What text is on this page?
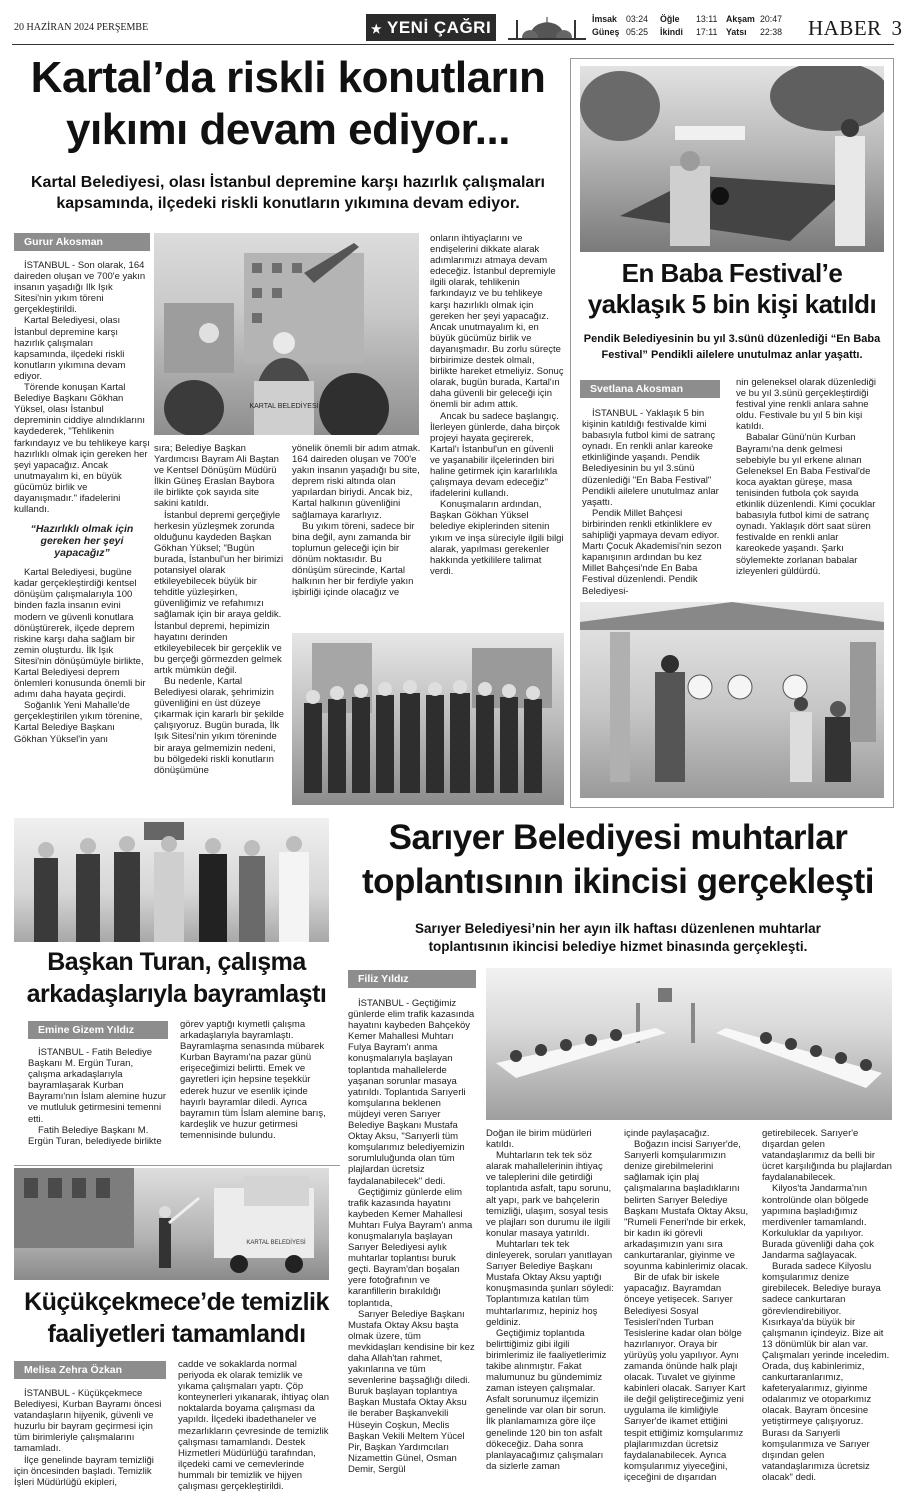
20 HAZİRAN 2024 PERŞEMBE	★ YENİ ÇAĞRI	İmsak	03:24
Güneş 05:25
Öğle 13:11
İkindi 17:11
Akşam 20:47
Yatsı 22:38 HABER 3
Kartal’da riskli konutların
yıkımı devam ediyor...
Kartal Belediyesi, olası İstanbul depremine karşı hazırlık çalışmaları
kapsamında, ilçedeki riskli konutların yıkımına devam ediyor.
Gurur Akosman

İSTANBUL - Son olarak, 164 daireden oluşan ve 700'e yakın insanın yaşadığı Ilk Işık Sitesi'nin yıkım töreni gerçekleştirildi.

Kartal Belediyesi, olası İstanbul depremine karşı hazırlık çalışmaları kapsamında, ilçedeki riskli konutların yıkımına devam ediyor.

Törende konuşan Kartal Belediye Başkanı Gökhan Yüksel, olası İstanbul depreminin ciddiye alındıklarını kaydederek, "Tehlikenin farkındayız ve bu tehlikeye karşı hazırlıklı olmak için gereken her şeyi yapacağız. Ancak unutmayalım ki, en büyük gücümüz birlik ve dayanışmadır." ifadelerini kullandı.

“Hazırlıklı olmak için gereken her şeyi yapacağız”

Kartal Belediyesi, bugüne kadar gerçekleştirdiği kentsel dönüşüm çalışmalarıyla 100 binden fazla insanın evini modern ve güvenli konutlara dönüştürerek, ilçede deprem riskine karşı daha sağlam bir zemin oluşturdu. İlk Işık Sitesi'nin dönüşümüyle birlikte, Kartal Belediyesi deprem önlemleri konusunda önemli bir adımı daha hayata geçirdi.

Soğanlık Yeni Mahalle'de gerçekleştirilen yıkım törenine, Kartal Belediye Başkanı Gökhan Yüksel'in yanı

KARTAL BELEDİYESİ

sıra; Belediye Başkan Yardımcısı Bayram Ali Baştan ve Kentsel Dönüşüm Müdürü İlkin Güneş Eraslan Baybora ile birlikte çok sayıda site sakini katıldı.

İstanbul depremi gerçeğiyle herkesin yüzleşmek zorunda olduğunu kaydeden Başkan Gökhan Yüksel; "Bugün burada, İstanbul'un her birimizi potansiyel olarak etkileyebilecek büyük bir tehditle yüzleşirken, güvenliğimiz ve refahımızı sağlamak için bir araya geldik. İstanbul depremi, hepimizin hayatını derinden etkileyebilecek bir gerçeklik ve bu gerçeği görmezden gelmek artık mümkün değil.

Bu nedenle, Kartal Belediyesi olarak, şehrimizin güvenliğini en üst düzeye çıkarmak için kararlı bir şekilde çalışıyoruz. Bugün burada, İlk Işık Sitesi'nin yıkım töreninde bir araya gelmemizin nedeni, bu bölgedeki riskli konutların dönüşümüne

yönelik önemli bir adım atmak. 164 daireden oluşan ve 700'e yakın insanın yaşadığı bu site, deprem riski altında olan yapılardan biriydi. Ancak biz, Kartal halkının güvenliğini sağlamaya kararlıyız.

Bu yıkım töreni, sadece bir bina değil, aynı zamanda bir toplumun geleceği için bir dönüm noktasıdır. Bu dönüşüm sürecinde, Kartal halkının her bir ferdiyle yakın işbirliği içinde olacağız ve

onların ihtiyaçlarını ve endişelerini dikkate alarak adımlarımızı atmaya devam edeceğiz. İstanbul depremiyle ilgili olarak, tehlikenin farkındayız ve bu tehlikeye karşı hazırlıklı olmak için gereken her şeyi yapacağız. Ancak unutmayalım ki, en büyük gücümüz birlik ve dayanışmadır. Bu zorlu süreçte birbirimize destek olmalı, birlikte hareket etmeliyiz. Sonuç olarak, bugün burada, Kartal'ın daha güvenli bir geleceği için önemli bir adım attık.

Ancak bu sadece başlangıç. İlerleyen günlerde, daha birçok projeyi hayata geçirerek, Kartal'ı İstanbul'un en güvenli ve yaşanabilir ilçelerinden biri haline getirmek için kararlılıkla çalışmaya devam edeceğiz" ifadelerini kullandı.

Konuşmaların ardından, Başkan Gökhan Yüksel belediye ekiplerinden sitenin yıkım ve inşa süreciyle ilgili bilgi alarak, yapılması gerekenler hakkında yetkililere talimat verdi.

En Baba Festival’e
yaklaşık 5 bin kişi katıldı
Pendik Belediyesinin bu yıl 3.sünü düzenlediği “En Baba
Festival” Pendikli ailelere unutulmaz anlar yaşattı.
Svetlana Akosman

İSTANBUL - Yaklaşık 5 bin kişinin katıldığı festivalde kimi babasıyla futbol kimi de satranç oynadı. En renkli anlar kareoke etkinliğinde yaşandı. Pendik Belediyesinin bu yıl 3.sünü düzenlediği "En Baba Festival" Pendikli ailelere unutulmaz anlar yaşattı.

Pendik Millet Bahçesi birbirinden renkli etkinliklere ev sahipliği yapmaya devam ediyor. Martı Çocuk Akademisi'nin sezon kapanışının ardından bu kez Millet Bahçesi'nde En Baba Festival düzenlendi. Pendik Belediyesi-

nin geleneksel olarak düzenlediği ve bu yıl 3.sünü gerçekleştirdiği festival yine renkli anlara sahne oldu. Festivale bu yıl 5 bin kişi katıldı.

Babalar Günü'nün Kurban Bayramı'na denk gelmesi sebebiyle bu yıl erkene alınan Geleneksel En Baba Festival'de koca ayaktan güreşe, masa tenisinden futbola çok sayıda etkinlik düzenlendi. Kimi çocuklar babasıyla futbol kimi de satranç oynadı. Yaklaşık dört saat süren festivalde en renkli anlar kareokede yaşandı. Şarkı söylemekte zorlanan babalar izleyenleri güldürdü.

Başkan Turan, çalışma
arkadaşlarıyla bayramlaştı
Emine Gizem Yıldız

İSTANBUL - Fatih Belediye Başkanı M. Ergün Turan, çalışma arkadaşlarıyla bayramlaşarak Kurban Bayramı'nın İslam alemine huzur ve mutluluk getirmesini temenni etti.

Fatih Belediye Başkanı M. Ergün Turan, belediyede birlikte

görev yaptığı kıymetli çalışma arkadaşlarıyla bayramlaştı. Bayramlaşma senasında mübarek Kurban Bayramı'na pazar günü erişeceğimizi belirtti. Emek ve gayretleri için hepsine teşekkür ederek huzur ve esenlik içinde hayırlı bayramlar diledi. Ayrıca bayramın tüm İslam alemine barış, kardeşlik ve huzur getirmesi temennisinde bulundu.

KARTAL BELEDİYESİ
Küçükçekmece’de temizlik
faaliyetleri tamamlandı
Melisa Zehra Özkan

İSTANBUL - Küçükçekmece Belediyesi, Kurban Bayramı öncesi vatandaşların hijyenik, güvenli ve huzurlu bir bayram geçirmesi için tüm birimleriyle çalışmalarını tamamladı.

İlçe genelinde bayram temizliği için öncesinden başladı. Temizlik İşleri Müdürlüğü ekipleri,

cadde ve sokaklarda normal periyoda ek olarak temizlik ve yıkama çalışmaları yaptı. Çöp konteynerleri yıkanarak, ihtiyaç olan noktalarda boyama çalışması da yapıldı. İlçedeki ibadethaneler ve mezarlıkların çevresinde de temizlik çalışması tamamlandı. Destek Hizmetleri Müdürlüğü tarafından, ilçedeki cami ve cemevlerinde hummalı bir temizlik ve hijyen çalışması gerçekleştirildi.

Sarıyer Belediyesi muhtarlar
toplantısının ikincisi gerçekleşti
Sarıyer Belediyesi’nin her ayın ilk haftası düzenlenen muhtarlar
toplantısının ikincisi belediye hizmet binasında gerçekleşti.
Filiz Yıldız

İSTANBUL - Geçtiğimiz günlerde elim trafik kazasında hayatını kaybeden Bahçeköy Kemer Mahallesi Muhtarı Fulya Bayram'ı anma konuşmalarıyla başlayan toplantıda mahallelerde yaşanan sorunlar masaya yatırıldı. Toplantıda Sarıyerli komşularına beklenen müjdeyi veren Sarıyer Belediye Başkanı Mustafa Oktay Aksu, "Sarıyerli tüm komşularımız belediyemizin sorumluluğunda olan tüm plajlardan ücretsiz faydalanabilecek" dedi.

Geçtiğimiz günlerde elim trafik kazasında hayatını kaybeden Kemer Mahallesi Muhtarı Fulya Bayram'ı anma konuşmalarıyla başlayan Sarıyer Belediyesi aylık muhtarlar toplantısı buruk geçti. Bayram'dan boşalan yere fotoğrafının ve karanfillerin bırakıldığı toplantıda,

Sarıyer Belediye Başkanı Mustafa Oktay Aksu başta olmak üzere, tüm mevkidaşları kendisine bir kez daha Allah'tan rahmet, yakınlarına ve tüm sevenlerine başsağlığı diledi. Buruk başlayan toplantıya Başkan Mustafa Oktay Aksu ile beraber Başkanvekili Hüseyin Coşkun, Meclis Başkan Vekili Meltem Yücel Pir, Başkan Yardımcıları Nizamettin Günel, Osman Demir, Sergül

Doğan ile birim müdürleri katıldı.

Muhtarların tek tek söz alarak mahallelerinin ihtiyaç ve taleplerini dile getirdiği toplantıda asfalt, tapu sorunu, alt yapı, park ve bahçelerin temizliği, ulaşım, sosyal tesis ve plajları son durumu ile ilgili konular masaya yatırıldı.

Muhtarları tek tek dinleyerek, soruları yanıtlayan Sarıyer Belediye Başkanı Mustafa Oktay Aksu yaptığı konuşmasında şunları söyledi: Toplantımıza katılan tüm muhtarlarımız, hepiniz hoş geldiniz.

Geçtiğimiz toplantıda belirttiğimiz gibi ilgili birimlerimiz ile faaliyetlerimiz takibe alınmıştır. Fakat malumunuz bu gündemimiz zaman isteyen çalışmalar. Asfalt sorunumuz ilçemizin genelinde var olan bir sorun. İlk planlamamıza göre ilçe genelinde 120 bin ton asfalt dökeceğiz. Daha sonra planlayacağımız çalışmaları da sizlerle zaman

içinde paylaşacağız.

Boğazın incisi Sarıyer'de, Sarıyerli komşularımızın denize girebilmelerini sağlamak için plaj çalışmalarına başladıklarını belirten Sarıyer Belediye Başkanı Mustafa Oktay Aksu, "Rumeli Feneri'nde bir erkek, bir kadın iki görevli arkadaşımızın yanı sıra cankurtaranlar, giyinme ve soyunma kabinlerimiz olacak.

Bir de ufak bir iskele yapacağız. Bayramdan önceye yetişecek. Sarıyer Belediyesi Sosyal Tesisleri'nden Turban Tesislerine kadar olan bölge hazırlanıyor. Oraya bir yürüyüş yolu yapılıyor. Aynı zamanda önünde halk plajı olacak. Tuvalet ve giyinme kabinleri olacak. Sarıyer Kart ile değil geliştireceğimiz yeni uygulama ile kimliğiyle Sarıyer'de ikamet ettiğini tespit ettiğimiz komşularımız plajlarımızdan ücretsiz faydalanabilecek. Ayrıca komşularımız yiyeceğini, içeceğini de dışarıdan

getirebilecek. Sarıyer'e dışardan gelen vatandaşlarımız da belli bir ücret karşılığında bu plajlardan faydalanabilecek.

Kilyos'ta Jandarma'nın kontrolünde olan bölgede yapımına başladığımız merdivenler tamamlandı. Korkuluklar da yapılıyor. Burada güvenliği daha çok Jandarma sağlayacak.

Burada sadece Kilyoslu komşularımız denize girebilecek. Belediye buraya sadece cankurtaran görevlendirebiliyor. Kısırkaya'da büyük bir çalışmanın içindeyiz. Bize ait 13 dönümlük bir alan var. Çalışmaları yerinde inceledim. Orada, duş kabinlerimiz, cankurtaranlarımız, kafeteryalarımız, giyinme odalarımız ve otoparkımız olacak. Bayram öncesine yetiştirmeye çalışıyoruz. Burası da Sarıyerli komşularımıza ve Sarıyer dışından gelen vatandaşlarımıza ücretsiz olacak" dedi.
